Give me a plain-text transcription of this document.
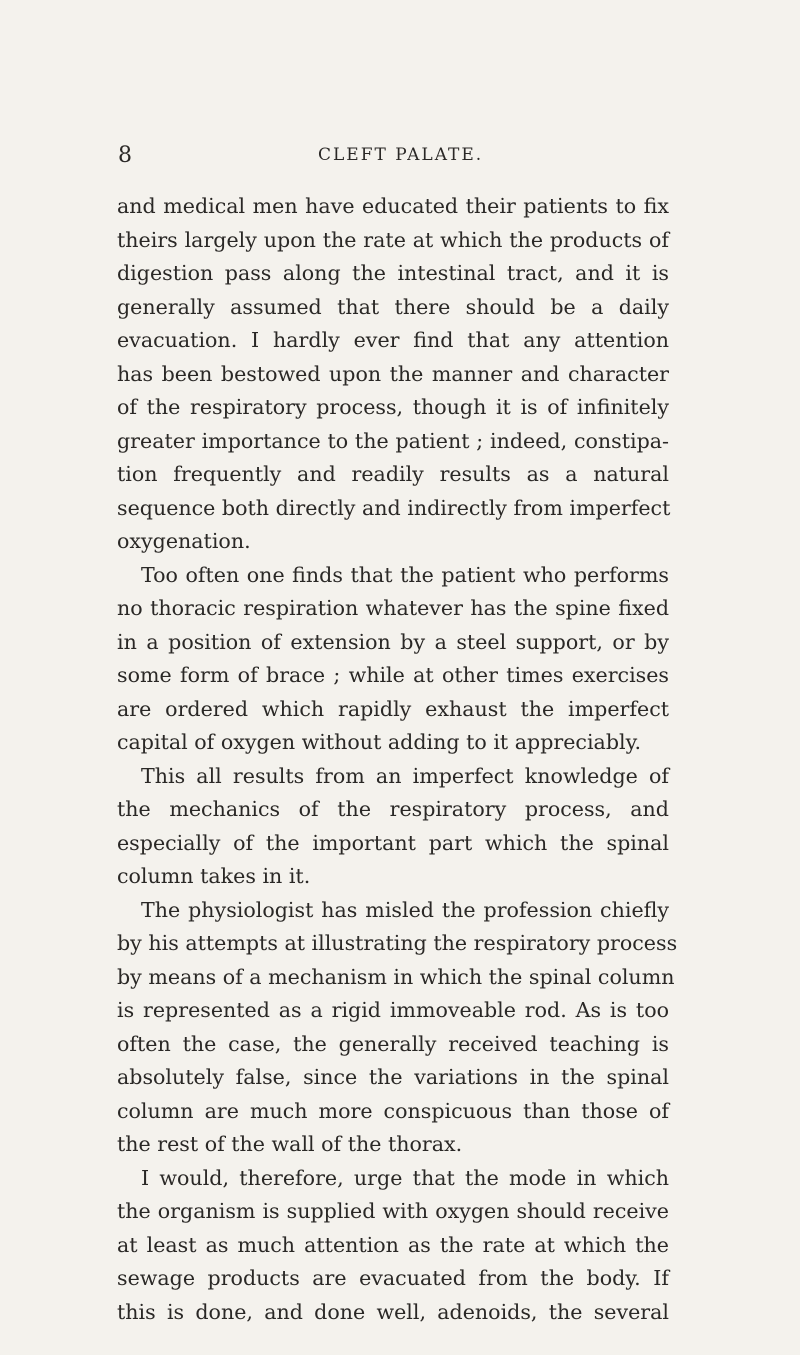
8	CLEFT PALATE.
and medical men have educated their patients to fix
theirs largely upon the rate at which the products of
digestion pass along the intestinal tract, and it is
generally assumed that there should be a daily
evacuation. I hardly ever find that any attention
has been bestowed upon the manner and character
of the respiratory process, though it is of infinitely
greater importance to the patient ; indeed, constipa-
tion frequently and readily results as a natural
sequence both directly and indirectly from imperfect
oxygenation.
Too often one finds that the patient who performs
no thoracic respiration whatever has the spine fixed
in a position of extension by a steel support, or by
some form of brace ; while at other times exercises
are ordered which rapidly exhaust the imperfect
capital of oxygen without adding to it appreciably.
This all results from an imperfect knowledge of
the mechanics of the respiratory process, and
especially of the important part which the spinal
column takes in it.
The physiologist has misled the profession chiefly
by his attempts at illustrating the respiratory process
by means of a mechanism in which the spinal column
is represented as a rigid immoveable rod. As is too
often the case, the generally received teaching is
absolutely false, since the variations in the spinal
column are much more conspicuous than those of
the rest of the wall of the thorax.
I would, therefore, urge that the mode in which
the organism is supplied with oxygen should receive
at least as much attention as the rate at which the
sewage products are evacuated from the body. If
this is done, and done well, adenoids, the several
